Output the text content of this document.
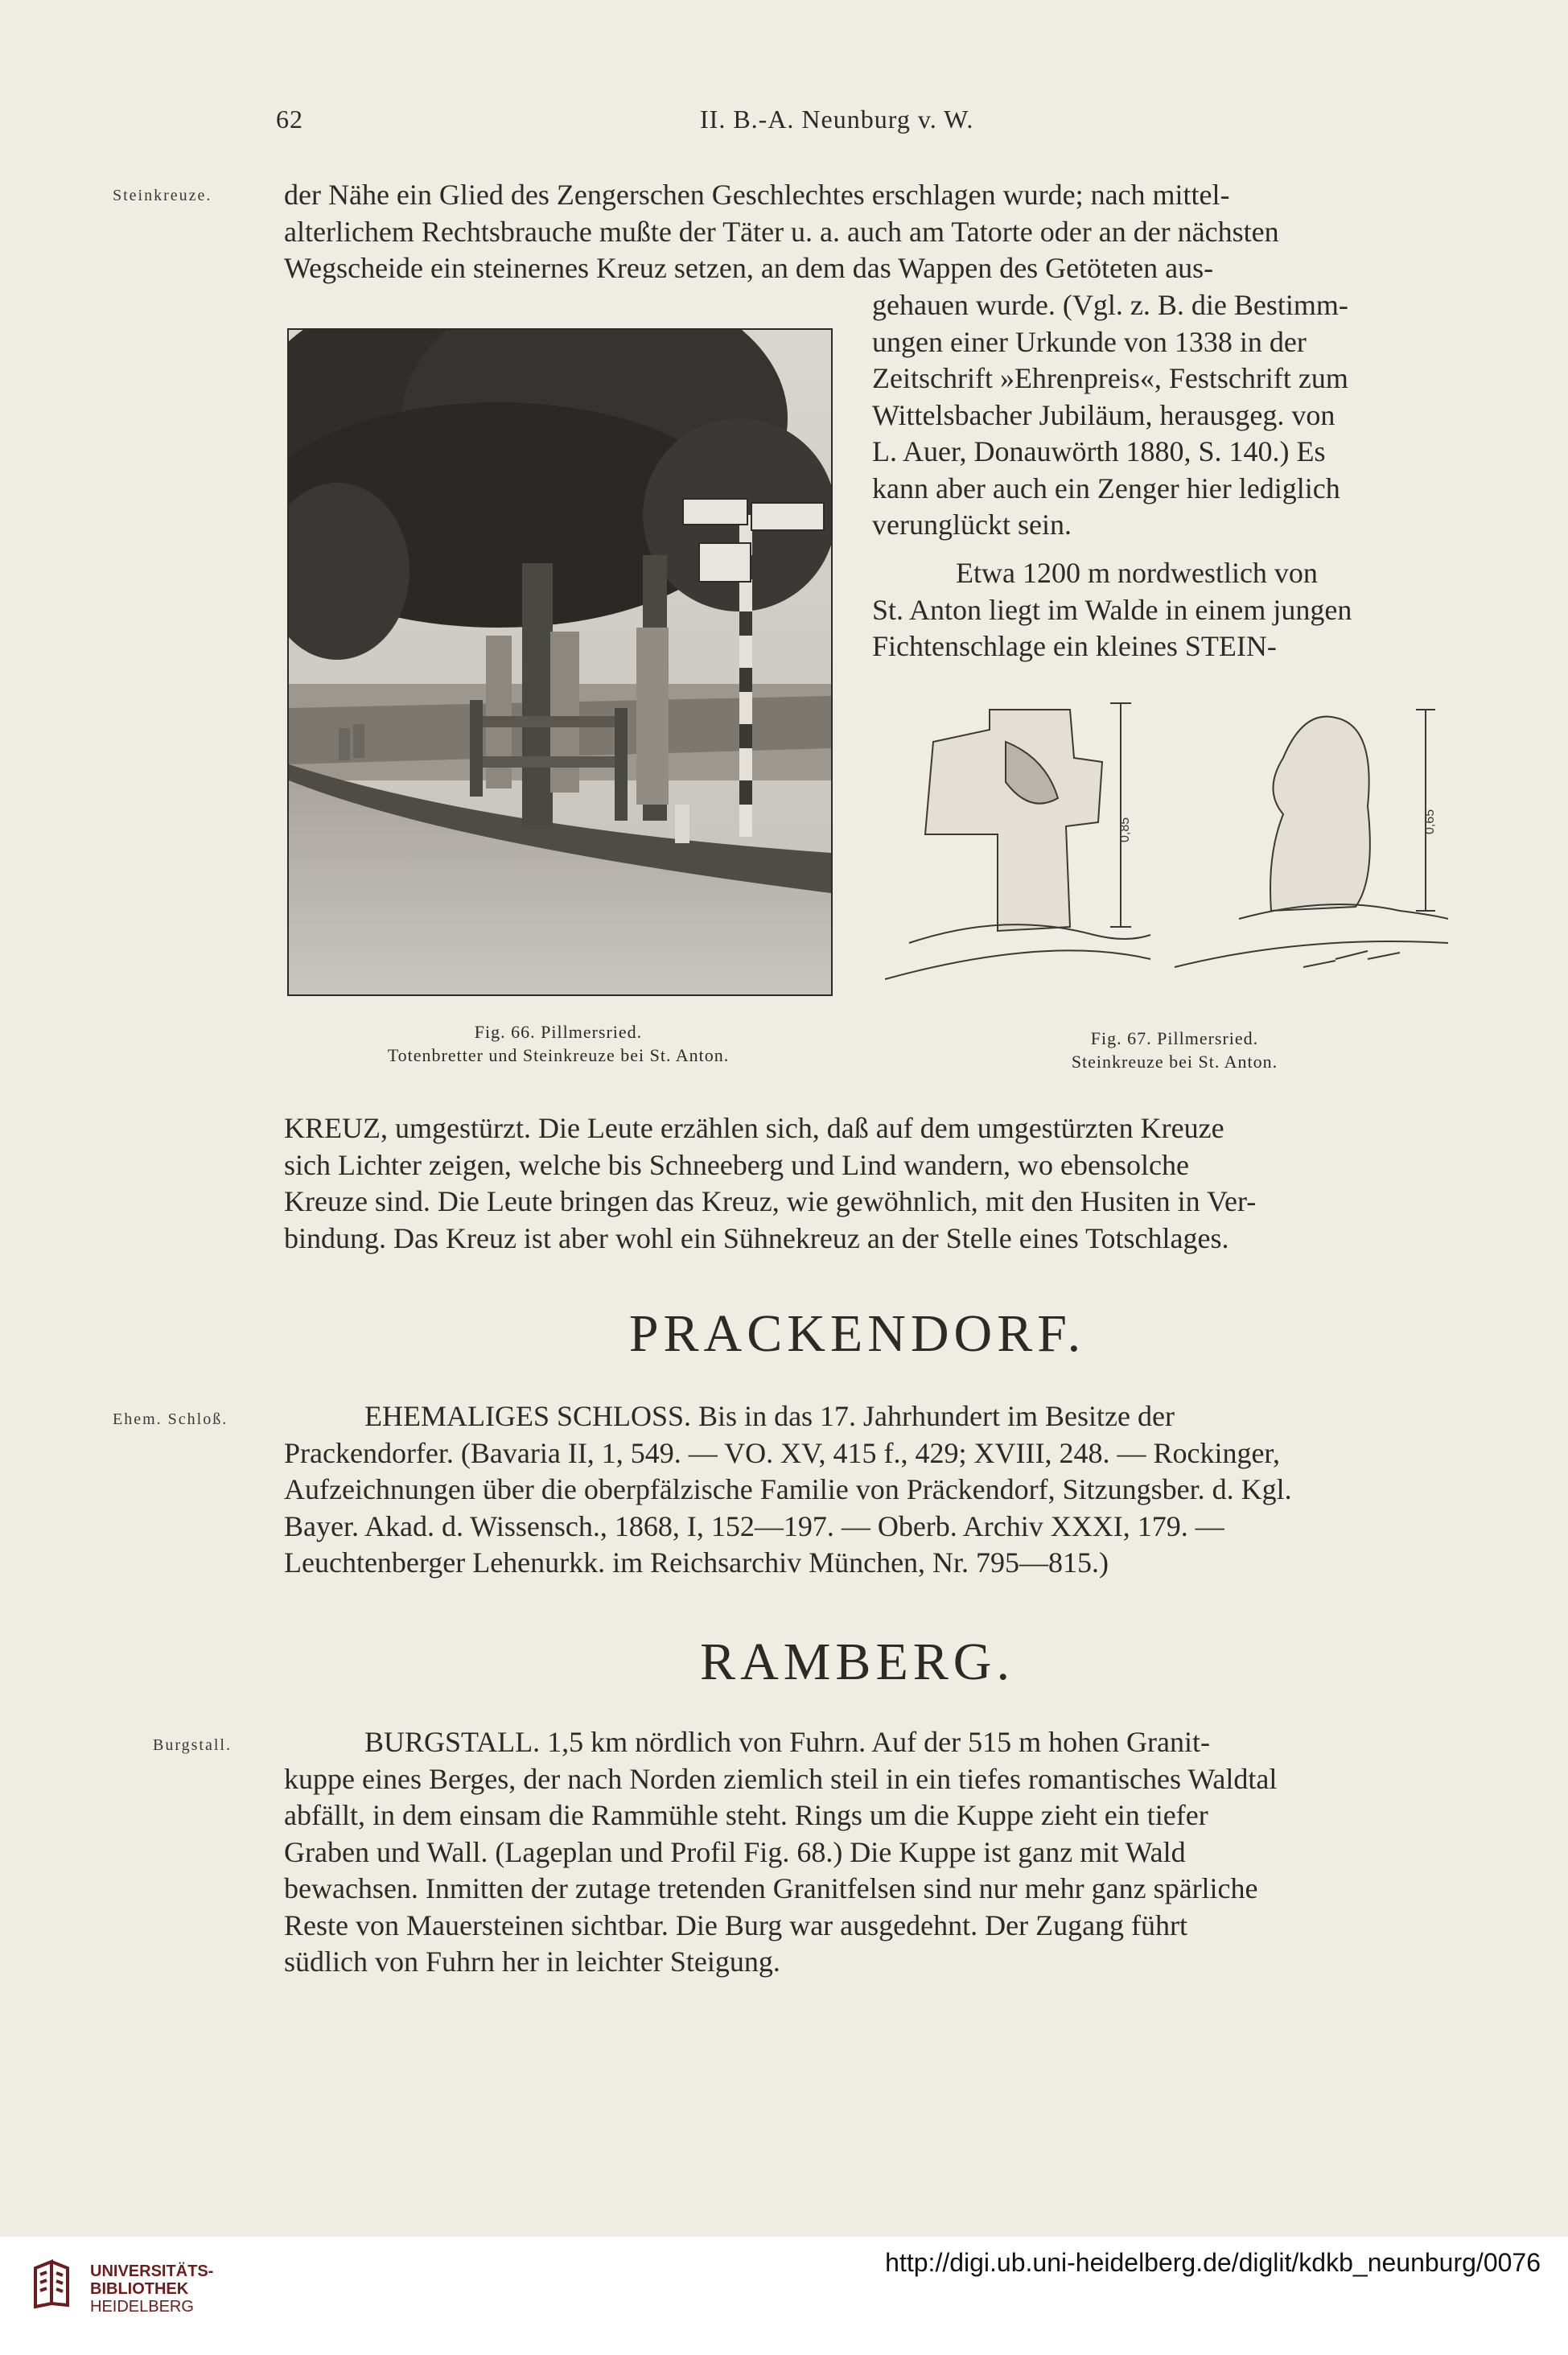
62	II. B.-A. Neunburg v. W.
Steinkreuze.
Ehem. Schloß.
Burgstall.

der Nähe ein Glied des Zengerschen Geschlechtes erschlagen wurde; nach mittel-

alterlichem Rechtsbrauche mußte der Täter u. a. auch am Tatorte oder an der nächsten

Wegscheide ein steinernes Kreuz setzen, an dem das Wappen des Getöteten aus-

gehauen wurde. (Vgl. z. B. die Bestimm-

ungen einer Urkunde von 1338 in der

Zeitschrift »Ehrenpreis«, Festschrift zum

Wittelsbacher Jubiläum, herausgeg. von

L. Auer, Donauwörth 1880, S. 140.) Es

kann aber auch ein Zenger hier lediglich

verunglückt sein.

Etwa 1200 m nordwestlich von

St. Anton liegt im Walde in einem jungen

Fichtenschlage ein kleines STEIN-

0,85	0,65
Fig. 66. Pillmersried.
Totenbretter und Steinkreuze bei St. Anton.
Fig. 67. Pillmersried.
Steinkreuze bei St. Anton.

KREUZ, umgestürzt. Die Leute erzählen sich, daß auf dem umgestürzten Kreuze

sich Lichter zeigen, welche bis Schneeberg und Lind wandern, wo ebensolche

Kreuze sind. Die Leute bringen das Kreuz, wie gewöhnlich, mit den Husiten in Ver-

bindung. Das Kreuz ist aber wohl ein Sühnekreuz an der Stelle eines Totschlages.

PRACKENDORF.

EHEMALIGES SCHLOSS. Bis in das 17. Jahrhundert im Besitze der

Prackendorfer. (Bavaria II, 1, 549. — VO. XV, 415 f., 429; XVIII, 248. — Rockinger,

Aufzeichnungen über die oberpfälzische Familie von Präckendorf, Sitzungsber. d. Kgl.

Bayer. Akad. d. Wissensch., 1868, I, 152—197. — Oberb. Archiv XXXI, 179. —

Leuchtenberger Lehenurkk. im Reichsarchiv München, Nr. 795—815.)

RAMBERG.

BURGSTALL. 1,5 km nördlich von Fuhrn. Auf der 515 m hohen Granit-

kuppe eines Berges, der nach Norden ziemlich steil in ein tiefes romantisches Waldtal

abfällt, in dem einsam die Rammühle steht. Rings um die Kuppe zieht ein tiefer

Graben und Wall. (Lageplan und Profil Fig. 68.) Die Kuppe ist ganz mit Wald

bewachsen. Inmitten der zutage tretenden Granitfelsen sind nur mehr ganz spärliche

Reste von Mauersteinen sichtbar. Die Burg war ausgedehnt. Der Zugang führt

südlich von Fuhrn her in leichter Steigung.

UNIVERSITÄTS-
BIBLIOTHEK
HEIDELBERG
http://digi.ub.uni-heidelberg.de/diglit/kdkb_neunburg/0076
